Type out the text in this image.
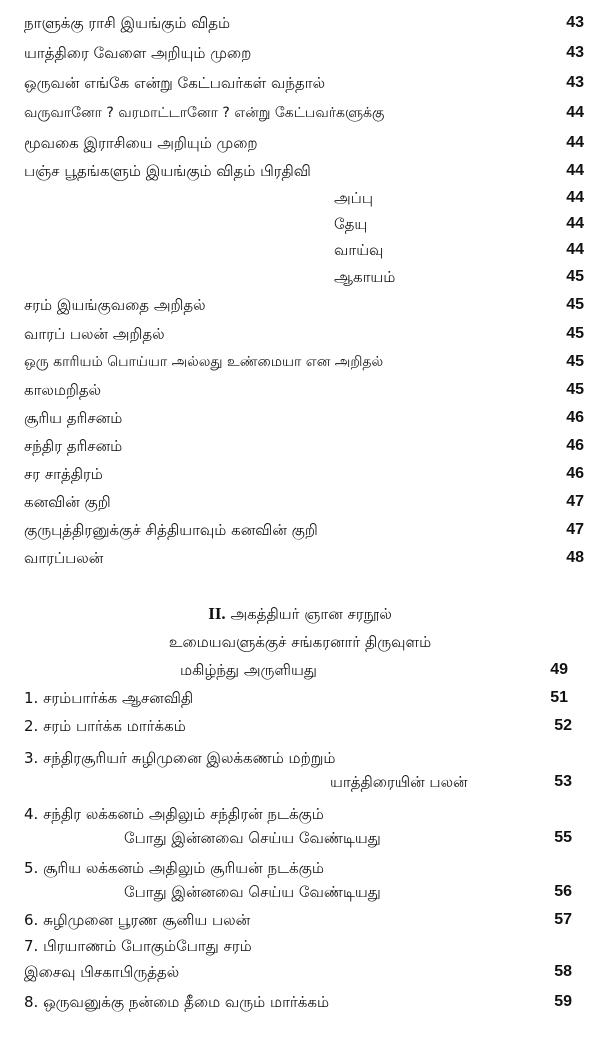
நாளுக்கு ராசி இயங்கும் விதம்	43
யாத்திரை வேளை அறியும் முறை	43
ஒருவன் எங்கே என்று கேட்பவர்கள் வந்தால்	43
வருவானோ ? வரமாட்டானோ ? என்று கேட்பவர்களுக்கு	44
மூவகை இராசியை அறியும் முறை	44
பஞ்ச பூதங்களும் இயங்கும் விதம் பிரதிவி	44
அப்பு	44
தேயு	44
வாய்வு	44
ஆகாயம்	45
சரம் இயங்குவதை அறிதல்	45
வாரப் பலன் அறிதல்	45
ஒரு காரியம் பொய்யா அல்லது உண்மையா என அறிதல்	45
காலமறிதல்	45
சூரிய தரிசனம்	46
சந்திர தரிசனம்	46
சர சாத்திரம்	46
கனவின் குறி	47
குருபுத்திரனுக்குச் சித்தியாவும் கனவின் குறி	47
வாரப்பலன்	48
II. அகத்தியர் ஞான சரநூல்
உமையவளுக்குச் சங்கரனார் திருவுளம்
மகிழ்ந்து அருளியது	49
1. சரம்பார்க்க ஆசனவிதி	51
2. சரம் பார்க்க மார்க்கம்	52
3. சந்திரசூரியர் சுழிமுனை இலக்கணம் மற்றும்
யாத்திரையின் பலன்	53
4. சந்திர லக்கனம் அதிலும் சந்திரன் நடக்கும்
போது இன்னவை செய்ய வேண்டியது	55
5. சூரிய லக்கனம் அதிலும் சூரியன் நடக்கும்
போது இன்னவை செய்ய வேண்டியது	56
6. சுழிமுனை பூரண சூனிய பலன்	57
7. பிரயாணம் போகும்போது சரம்
இசைவு பிசகாபிருத்தல்	58
8. ஒருவனுக்கு நன்மை தீமை வரும் மார்க்கம்	59
